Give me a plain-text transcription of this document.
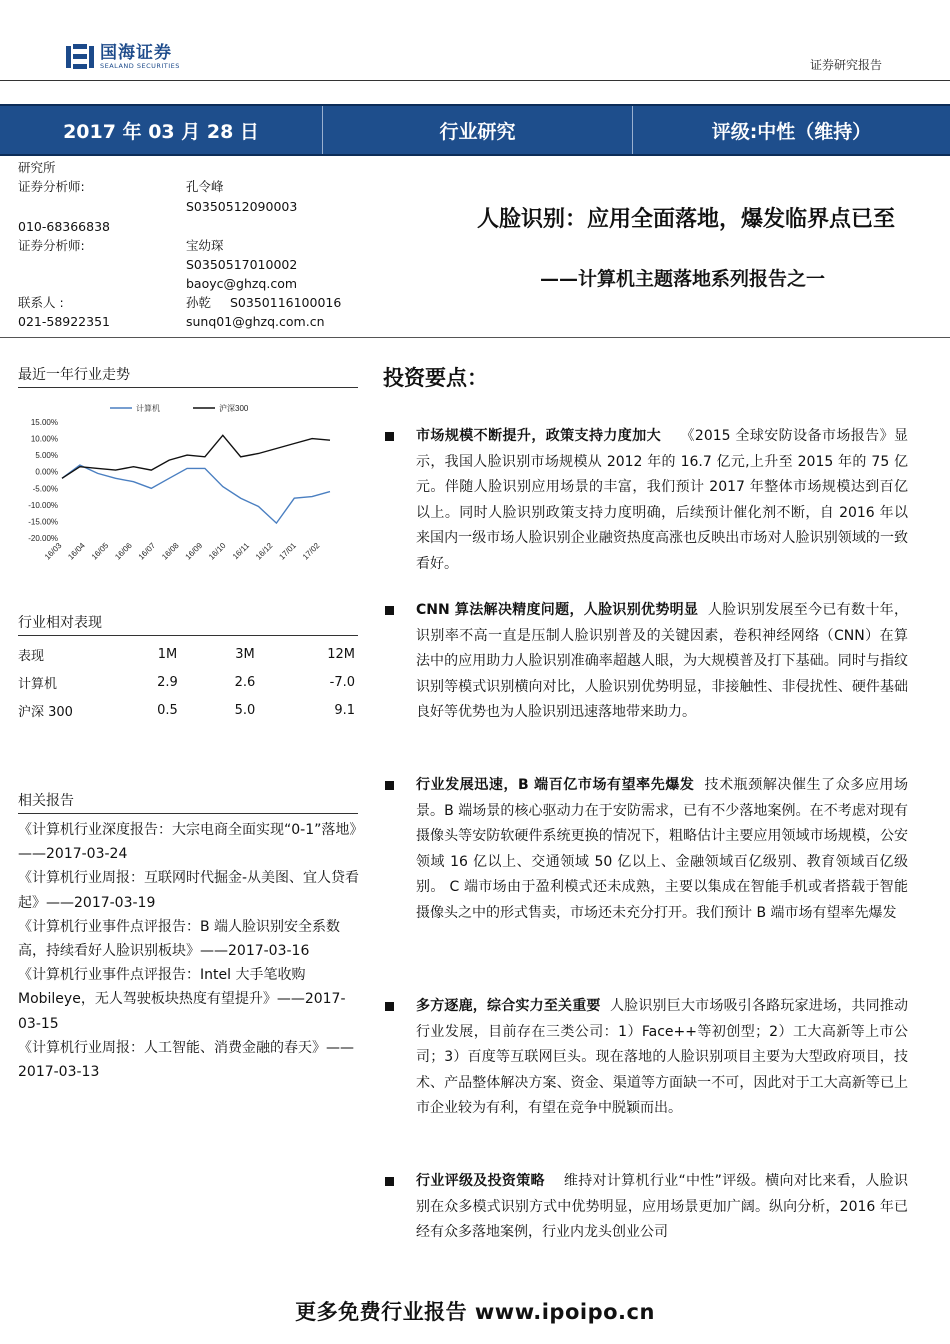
国海证券
SEALAND SECURITIES	证券研究报告
2017 年 03 月 28 日	行业研究	评级:中性（维持）
研究所
证券分析师:	孔令峰
S0350512090003
010-68366838
证券分析师:	宝幼琛
S0350517010002
baoyc@ghzq.com
联系人 :	孙乾 S0350116100016
021-58922351	sunq01@ghzq.com.cn
人脸识别：应用全面落地，爆发临界点已至
——计算机主题落地系列报告之一
最近一年行业走势
15.00%
10.00%
5.00%
0.00%
-5.00%
-10.00%
-15.00%
-20.00%
16/03 16/04 16/05 16/06 16/07 16/08 16/09 16/10 16/11 16/12 17/01 17/02
计算机	沪深300
行业相对表现
表现	1M	3M	12M
计算机	2.9	2.6	-7.0
沪深 300	0.5	5.0	9.1
相关报告
《计算机行业深度报告：大宗电商全面实现“0-1”落地》——2017-03-24
《计算机行业周报：互联网时代掘金-从美图、宜人贷看起》——2017-03-19
《计算机行业事件点评报告：B 端人脸识别安全系数高，持续看好人脸识别板块》——2017-03-16
《计算机行业事件点评报告：Intel 大手笔收购 Mobileye，无人驾驶板块热度有望提升》——2017-03-15
《计算机行业周报：人工智能、消费金融的春天》——2017-03-13
投资要点：
市场规模不断提升，政策支持力度加大 《2015 全球安防设备市场报告》显示，我国人脸识别市场规模从 2012 年的 16.7 亿元,上升至 2015 年的 75 亿元。伴随人脸识别应用场景的丰富，我们预计 2017 年整体市场规模达到百亿以上。同时人脸识别政策支持力度明确，后续预计催化剂不断，自 2016 年以来国内一级市场人脸识别企业融资热度高涨也反映出市场对人脸识别领域的一致看好。
CNN 算法解决精度问题，人脸识别优势明显 人脸识别发展至今已有数十年，识别率不高一直是压制人脸识别普及的关键因素，卷积神经网络（CNN）在算法中的应用助力人脸识别准确率超越人眼，为大规模普及打下基础。同时与指纹识别等模式识别横向对比，人脸识别优势明显，非接触性、非侵扰性、硬件基础良好等优势也为人脸识别迅速落地带来助力。
行业发展迅速，B 端百亿市场有望率先爆发 技术瓶颈解决催生了众多应用场景。B 端场景的核心驱动力在于安防需求，已有不少落地案例。在不考虑对现有摄像头等安防软硬件系统更换的情况下，粗略估计主要应用领域市场规模，公安领域 16 亿以上、交通领域 50 亿以上、金融领域百亿级别、教育领域百亿级别。 C 端市场由于盈利模式还未成熟，主要以集成在智能手机或者搭载于智能摄像头之中的形式售卖，市场还未充分打开。我们预计 B 端市场有望率先爆发
多方逐鹿，综合实力至关重要 人脸识别巨大市场吸引各路玩家进场，共同推动行业发展，目前存在三类公司：1）Face++等初创型；2）工大高新等上市公司；3）百度等互联网巨头。现在落地的人脸识别项目主要为大型政府项目，技术、产品整体解决方案、资金、渠道等方面缺一不可，因此对于工大高新等已上市企业较为有利，有望在竞争中脱颖而出。
行业评级及投资策略 维持对计算机行业“中性”评级。横向对比来看，人脸识别在众多模式识别方式中优势明显，应用场景更加广阔。纵向分析，2016 年已经有众多落地案例，行业内龙头创业公司
更多免费行业报告 www.ipoipo.cn
